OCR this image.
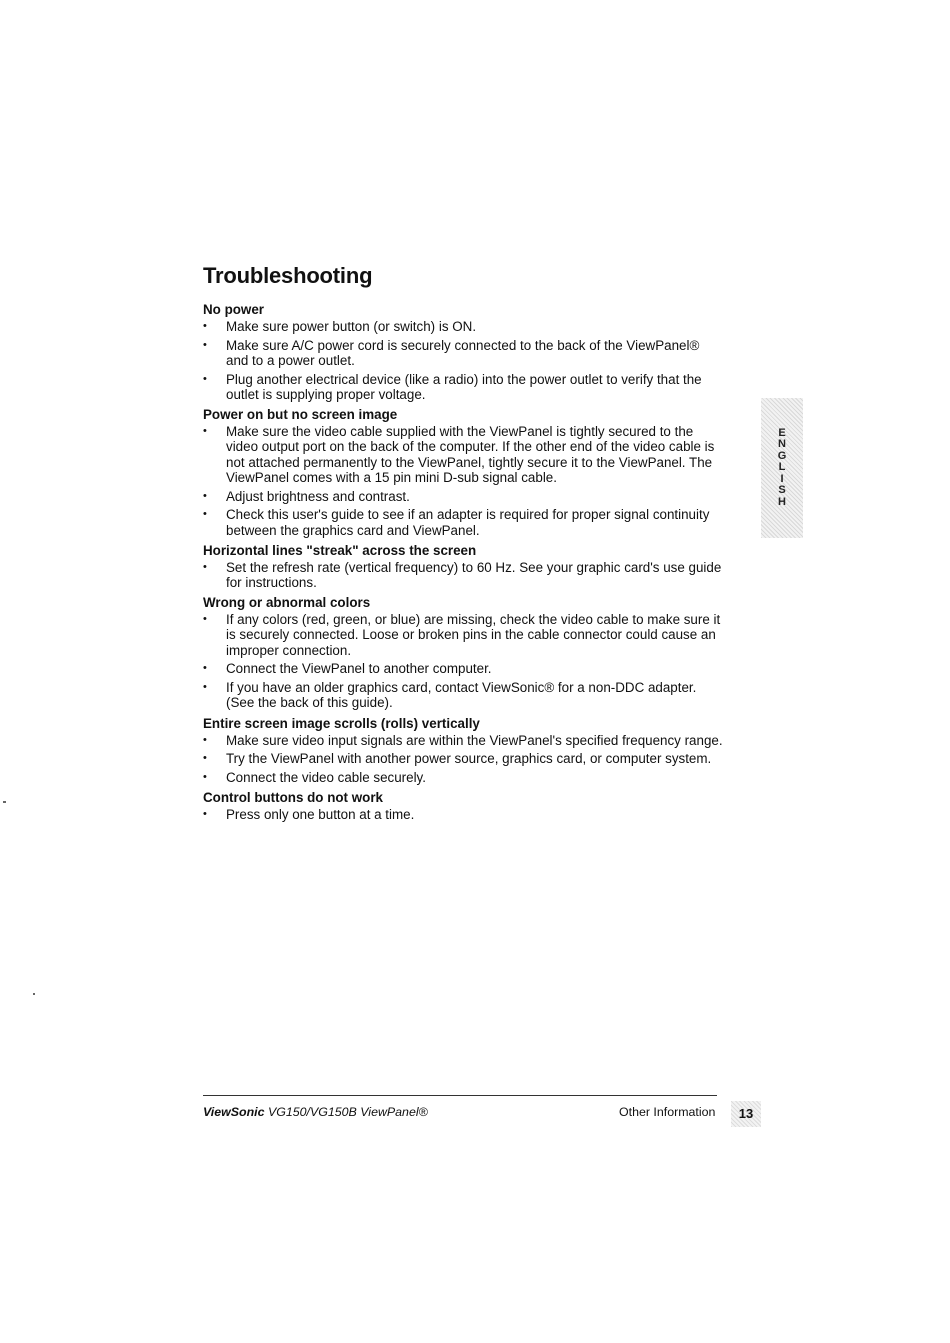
Troubleshooting
No power
• Make sure power button (or switch) is ON.
• Make sure A/C power cord is securely connected to the back of the ViewPanel® and to a power outlet.
• Plug another electrical device (like a radio) into the power outlet to verify that the outlet is supplying proper voltage.
Power on but no screen image
• Make sure the video cable supplied with the ViewPanel is tightly secured to the video output port on the back of the computer. If the other end of the video cable is not attached permanently to the ViewPanel, tightly secure it to the ViewPanel. The ViewPanel comes with a 15 pin mini D-sub signal cable.
• Adjust brightness and contrast.
• Check this user's guide to see if an adapter is required for proper signal continuity between the graphics card and ViewPanel.
Horizontal lines "streak" across the screen
• Set the refresh rate (vertical frequency) to 60 Hz. See your graphic card's use guide for instructions.
Wrong or abnormal colors
• If any colors (red, green, or blue) are missing, check the video cable to make sure it is securely connected. Loose or broken pins in the cable connector could cause an improper connection.
• Connect the ViewPanel to another computer.
• If you have an older graphics card, contact ViewSonic® for a non-DDC adapter. (See the back of this guide).
Entire screen image scrolls (rolls) vertically
• Make sure video input signals are within the ViewPanel's specified frequency range.
• Try the ViewPanel with another power source, graphics card, or computer system.
• Connect the video cable securely.
Control buttons do not work
• Press only one button at a time.
E
N
G
L
I
S
H
ViewSonic VG150/VG150B ViewPanel®	Other Information	13
